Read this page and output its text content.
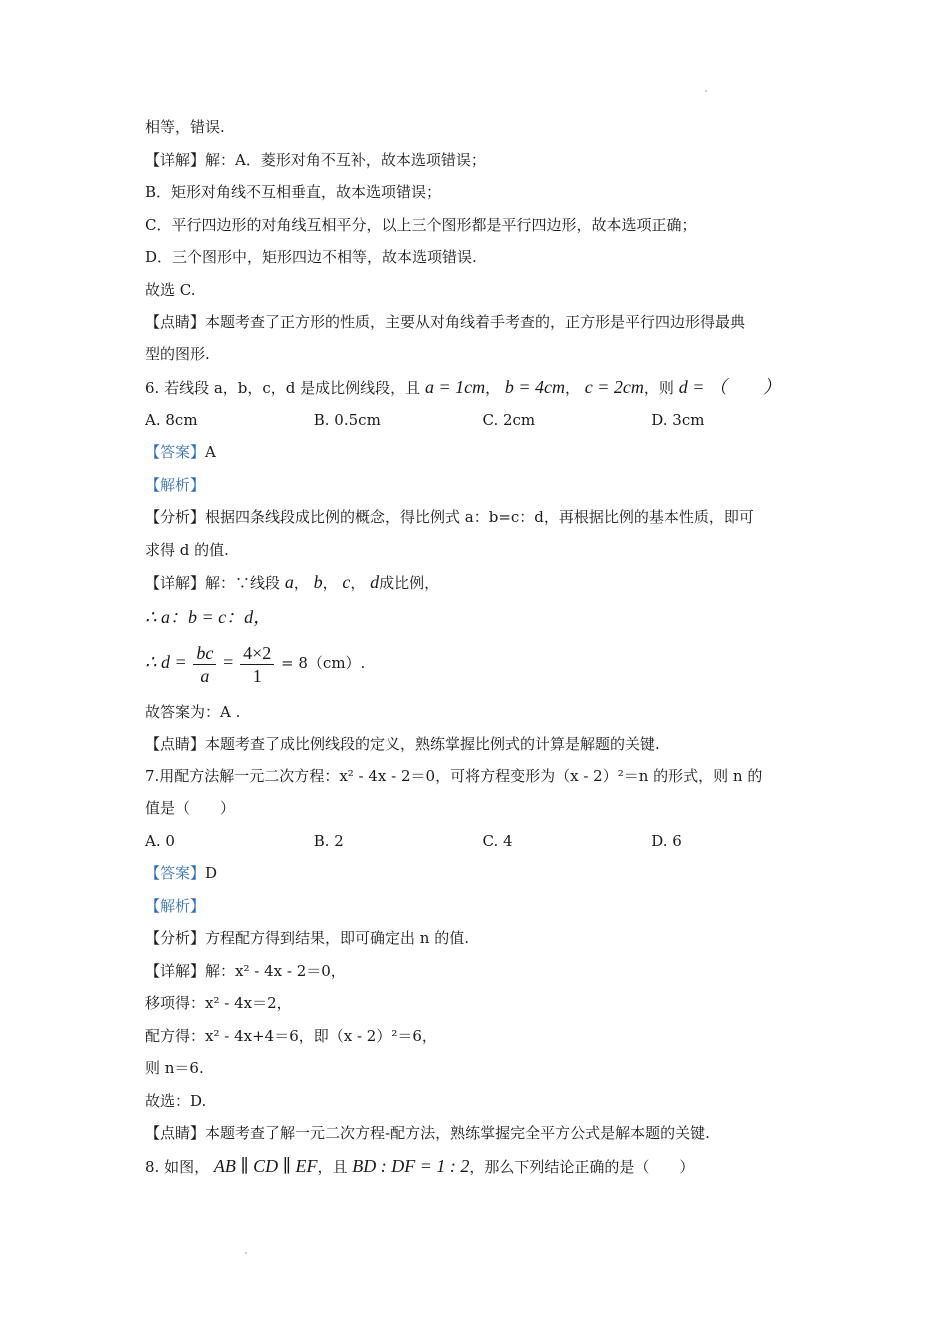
相等，错误.
【详解】解：A．菱形对角不互补，故本选项错误；
B．矩形对角线不互相垂直，故本选项错误；
C．平行四边形的对角线互相平分，以上三个图形都是平行四边形，故本选项正确；
D．三个图形中，矩形四边不相等，故本选项错误.
故选 C.
【点睛】本题考查了正方形的性质，主要从对角线着手考查的，正方形是平行四边形得最典
型的图形.
6. 若线段 a，b，c，d 是成比例线段，且 a = 1cm， b = 4cm， c = 2cm，则 d = （　　）
A. 8cm	B. 0.5cm	C. 2cm	D. 3cm
【答案】A
【解析】
【分析】根据四条线段成比例的概念，得比例式 a：b=c：d，再根据比例的基本性质，即可
求得 d 的值.
【详解】解：∵线段 a， b， c， d成比例，
∴ a：b = c：d，
∴ $d = \frac{bc}{a} = \frac{4\times 2}{1} = 8(cm)$.
故答案为：A .
【点睛】本题考查了成比例线段的定义，熟练掌握比例式的计算是解题的关键.
7.用配方法解一元二次方程：x² - 4x - 2＝0，可将方程变形为（x - 2）²＝n 的形式，则 n 的
值是（　　）
A. 0	B. 2	C. 4	D. 6
【答案】D
【解析】
【分析】方程配方得到结果，即可确定出 n 的值.
【详解】解：x² - 4x - 2＝0，
移项得：x² - 4x＝2，
配方得：x² - 4x+4＝6，即（x - 2）²＝6，
则 n＝6.
故选：D.
【点睛】本题考查了解一元二次方程-配方法，熟练掌握完全平方公式是解本题的关键.
8. 如图， AB ∥ CD ∥ EF，且 BD : DF = 1 : 2，那么下列结论正确的是（　　）
